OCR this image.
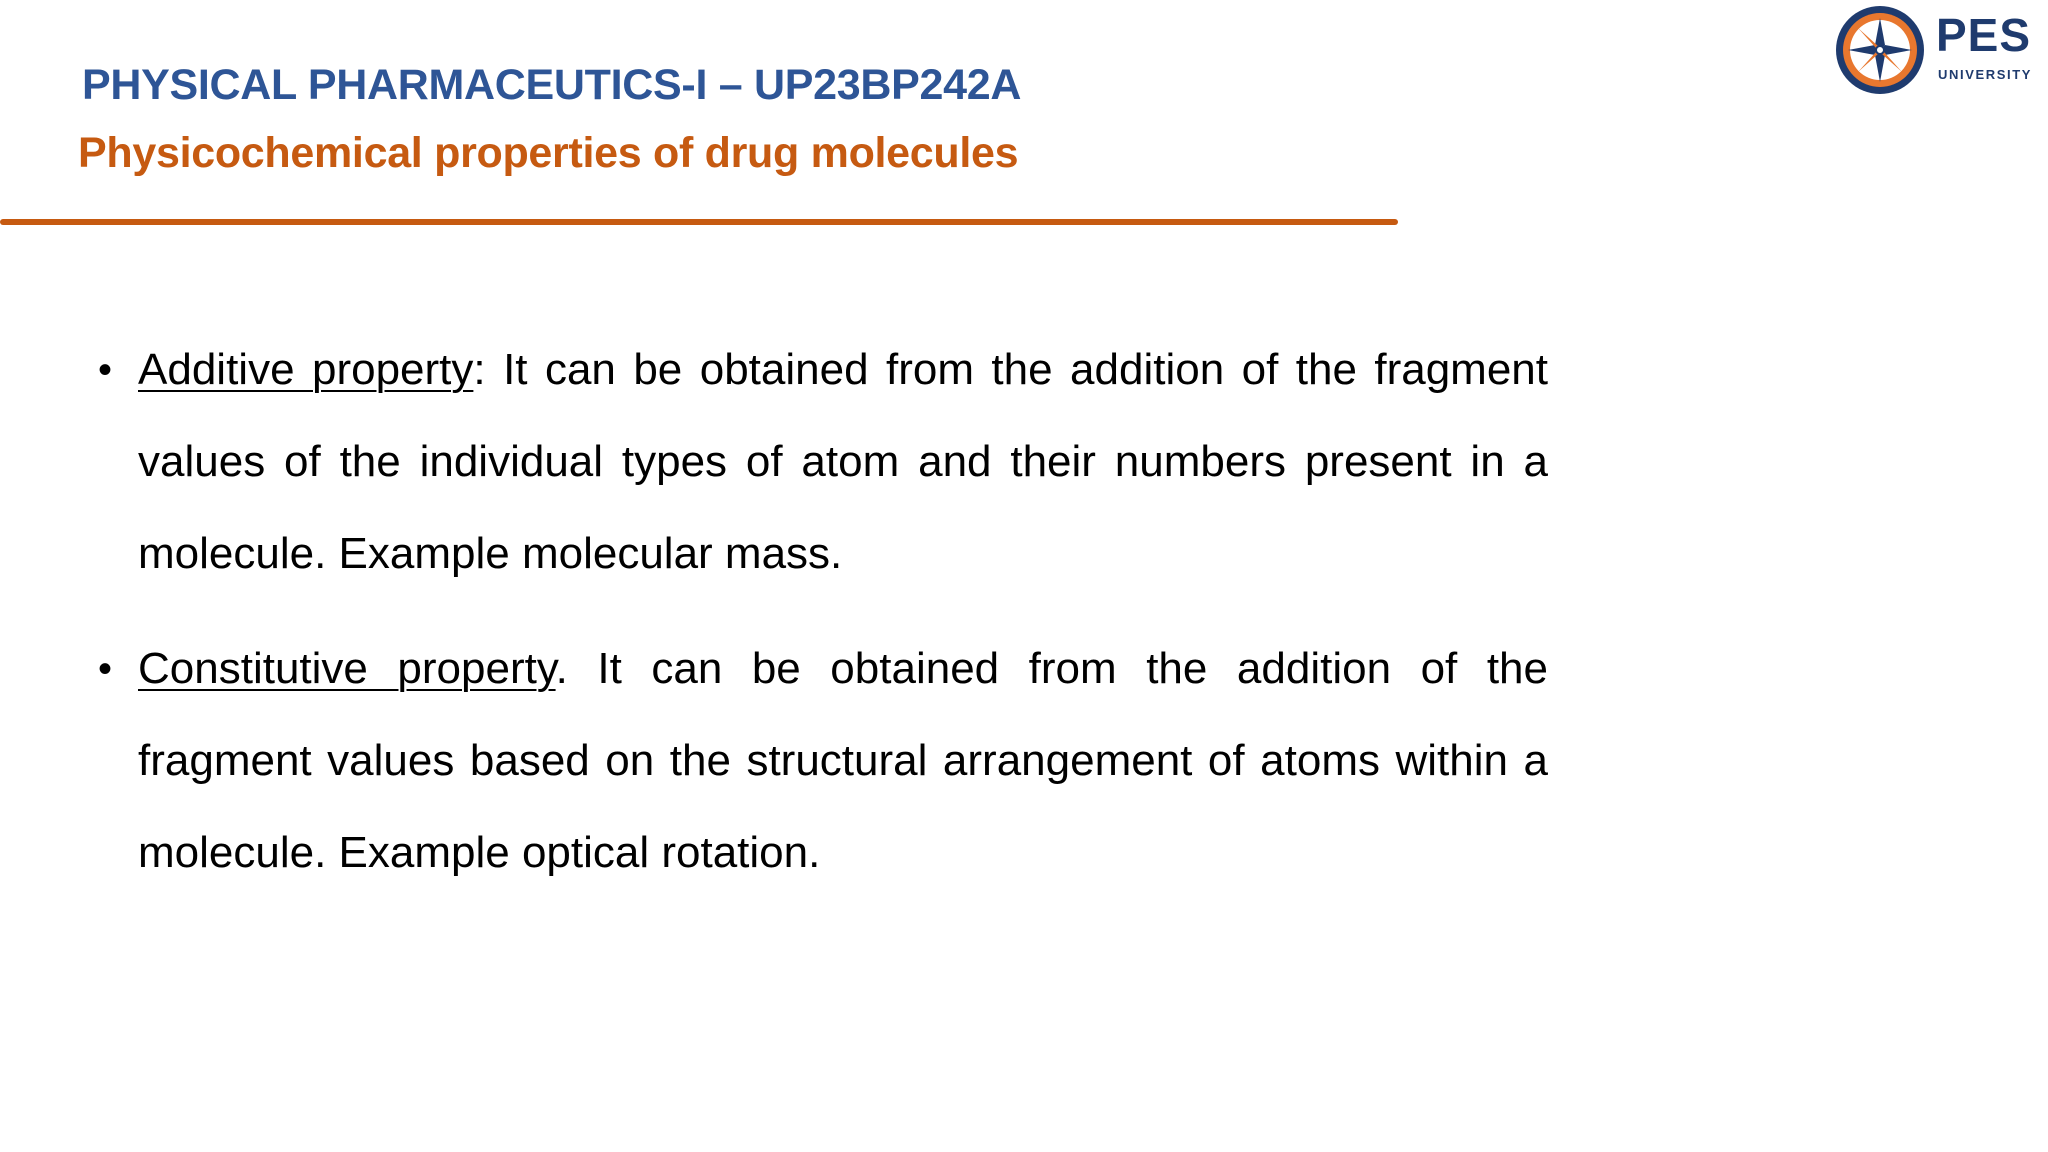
PHYSICAL PHARMACEUTICS-I – UP23BP242A
Physicochemical properties of drug molecules
PES
UNIVERSITY
• Additive property: It can be obtained from the addition of the fragment values of the individual types of atom and their numbers present in a molecule. Example molecular mass.
• Constitutive property. It can be obtained from the addition of the fragment values based on the structural arrangement of atoms within a molecule. Example optical rotation.
